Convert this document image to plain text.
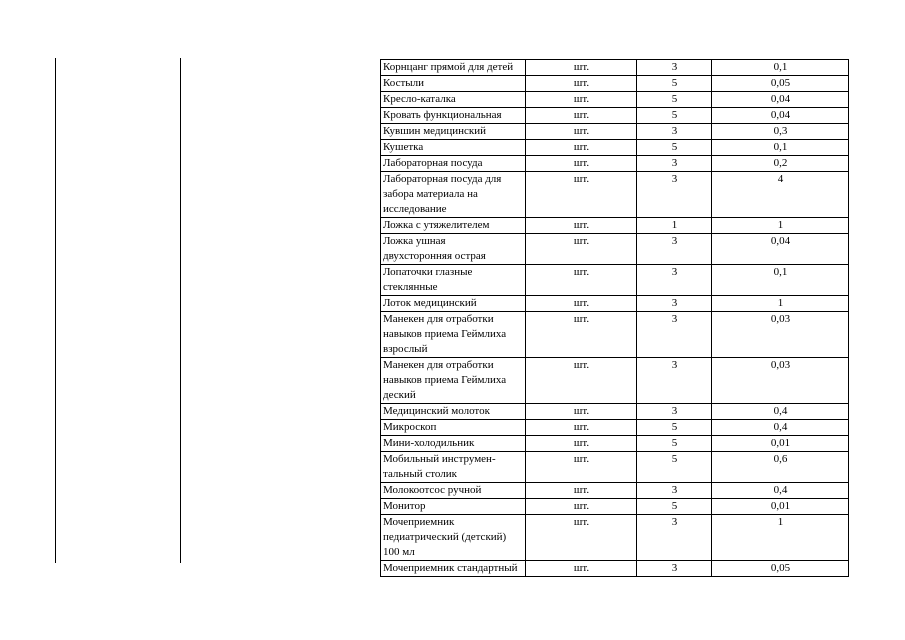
Корнцанг прямой для детей	шт.	3	0,1
Костыли	шт.	5	0,05
Кресло-каталка	шт.	5	0,04
Кровать функциональная	шт.	5	0,04
Кувшин медицинский	шт.	3	0,3
Кушетка	шт.	5	0,1
Лабораторная посуда	шт.	3	0,2
Лабораторная посуда для
забора материала на
исследование	шт.	3	4
Ложка с утяжелителем	шт.	1	1
Ложка ушная
двухсторонняя острая	шт.	3	0,04
Лопаточки глазные
стеклянные	шт.	3	0,1
Лоток медицинский	шт.	3	1
Манекен для отработки
навыков приема Геймлиха
взрослый	шт.	3	0,03
Манекен для отработки
навыков приема Геймлиха
деский	шт.	3	0,03
Медицинский молоток	шт.	3	0,4
Микроскоп	шт.	5	0,4
Мини-холодильник	шт.	5	0,01
Мобильный инструмен-
тальный столик	шт.	5	0,6
Молокоотсос ручной	шт.	3	0,4
Монитор	шт.	5	0,01
Мочеприемник
педиатрический (детский)
100 мл	шт.	3	1
Мочеприемник стандартный	шт.	3	0,05
